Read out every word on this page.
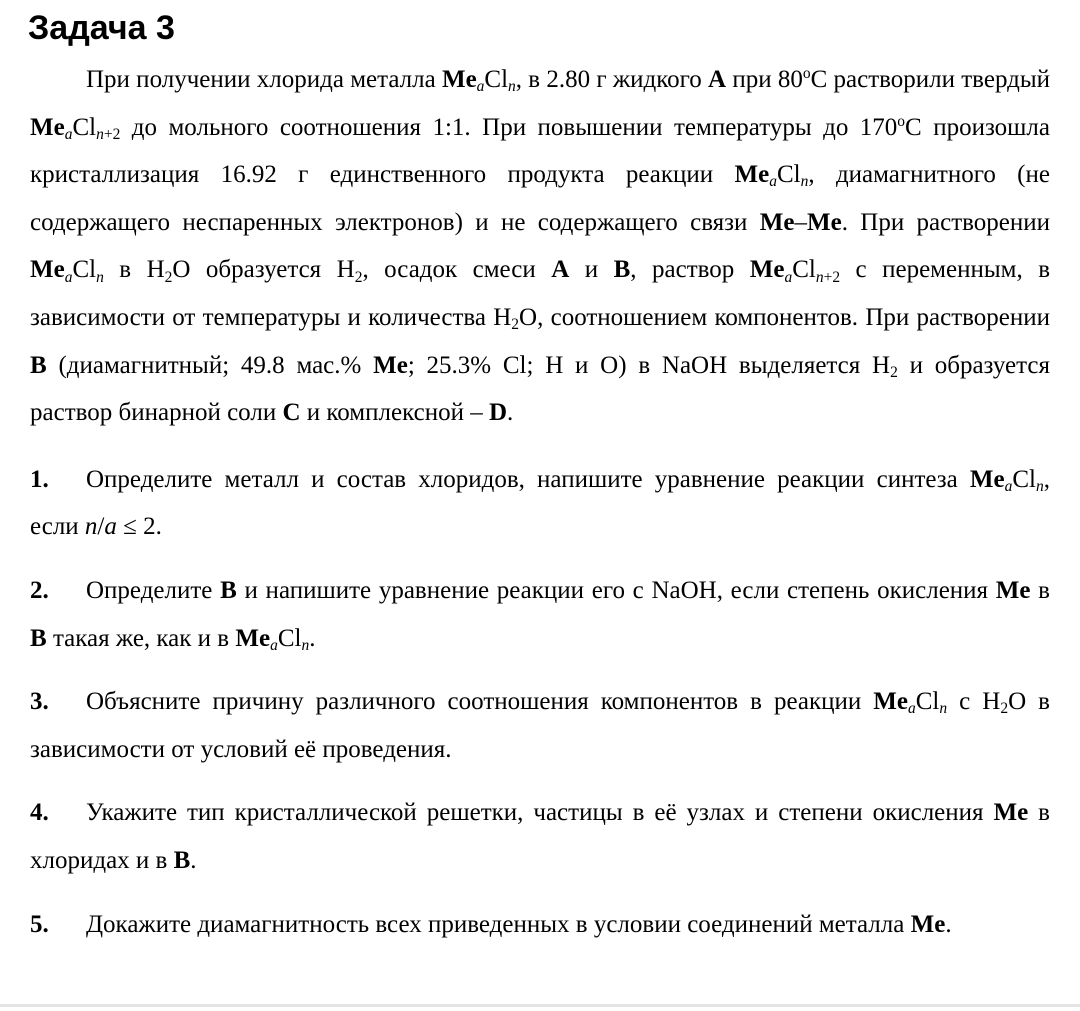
Задача 3

При получении хлорида металла $Me_aCl_n$, в 2.80 г жидкого А при 80$^o$С растворили твердый $Me_aCl_{n+2}$ до мольного соотношения 1:1. При повышении температуры до 170$^o$С произошла кристаллизация 16.92 г единственного продукта реакции $Me_aCl_n$, диамагнитного (не содержащего неспаренных электронов) и не содержащего связи Me–Me. При растворении $Me_aCl_n$ в $H_2O$ образуется $H_2$, осадок смеси А и В, раствор $Me_aCl_{n+2}$ с переменным, в зависимости от температуры и количества $H_2O$, соотношением компонентов. При растворении В (диамагнитный; 49.8 мас.% Me; 25.3% Cl; H и O) в NaOH выделяется $H_2$ и образуется раствор бинарной соли C и комплексной – D.

1. Определите металл и состав хлоридов, напишите уравнение реакции синтеза $Me_aCl_n$, если n/a ≤ 2.

2. Определите В и напишите уравнение реакции его с NaOH, если степень окисления Me в В такая же, как и в $Me_aCl_n$.

3. Объясните причину различного соотношения компонентов в реакции $Me_aCl_n$ с $H_2O$ в зависимости от условий её проведения.

4. Укажите тип кристаллической решетки, частицы в её узлах и степени окисления Me в хлоридах и в В.

5. Докажите диамагнитность всех приведенных в условии соединений металла Me.
